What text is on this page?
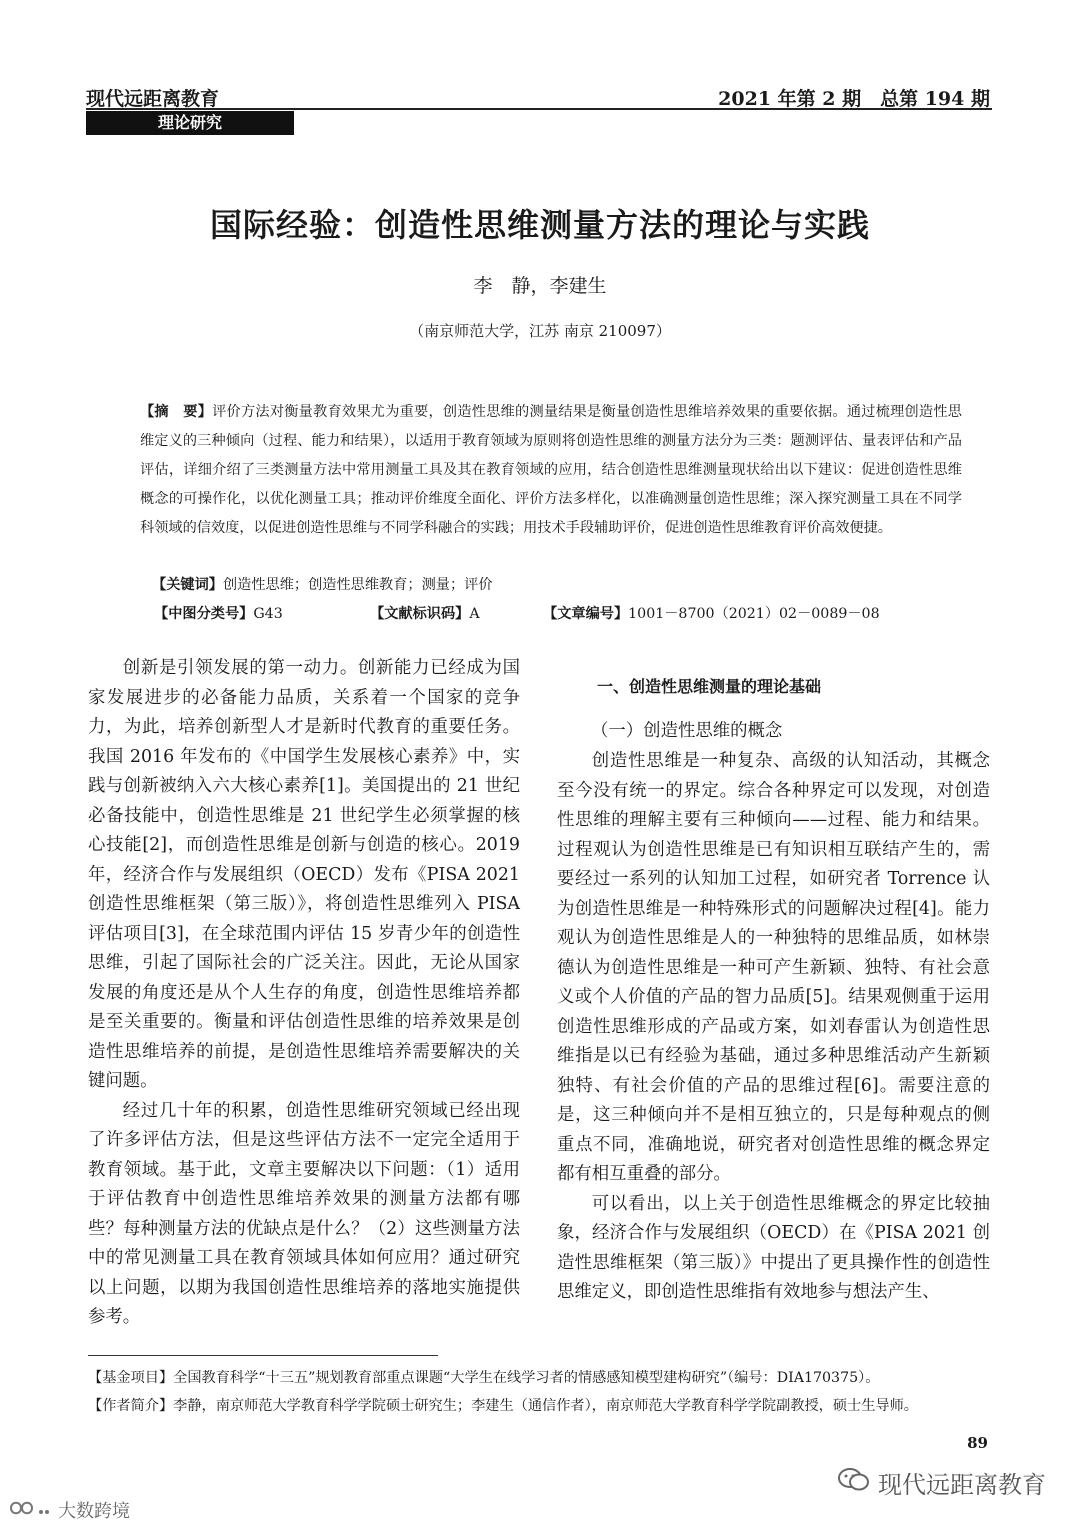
现代远距离教育	2021 年第 2 期　总第 194 期
理论研究
国际经验：创造性思维测量方法的理论与实践
李　静，李建生
（南京师范大学，江苏 南京 210097）
【摘　要】评价方法对衡量教育效果尤为重要，创造性思维的测量结果是衡量创造性思维培养效果的重要依据。通过梳理创造性思维定义的三种倾向（过程、能力和结果），以适用于教育领域为原则将创造性思维的测量方法分为三类：题测评估、量表评估和产品评估，详细介绍了三类测量方法中常用测量工具及其在教育领域的应用，结合创造性思维测量现状给出以下建议：促进创造性思维概念的可操作化，以优化测量工具；推动评价维度全面化、评价方法多样化，以准确测量创造性思维；深入探究测量工具在不同学科领域的信效度，以促进创造性思维与不同学科融合的实践；用技术手段辅助评价，促进创造性思维教育评价高效便捷。
【关键词】创造性思维；创造性思维教育；测量；评价
【中图分类号】G43	【文献标识码】A	【文章编号】1001－8700（2021）02－0089－08

创新是引领发展的第一动力。创新能力已经成为国家发展进步的必备能力品质，关系着一个国家的竞争力，为此，培养创新型人才是新时代教育的重要任务。我国 2016 年发布的《中国学生发展核心素养》中，实践与创新被纳入六大核心素养[1]。美国提出的 21 世纪必备技能中，创造性思维是 21 世纪学生必须掌握的核心技能[2]，而创造性思维是创新与创造的核心。2019 年，经济合作与发展组织（OECD）发布《PISA 2021 创造性思维框架（第三版）》，将创造性思维列入 PISA 评估项目[3]，在全球范围内评估 15 岁青少年的创造性思维，引起了国际社会的广泛关注。因此，无论从国家发展的角度还是从个人生存的角度，创造性思维培养都是至关重要的。衡量和评估创造性思维的培养效果是创造性思维培养的前提，是创造性思维培养需要解决的关键问题。

经过几十年的积累，创造性思维研究领域已经出现了许多评估方法，但是这些评估方法不一定完全适用于教育领域。基于此，文章主要解决以下问题：（1）适用于评估教育中创造性思维培养效果的测量方法都有哪些？每种测量方法的优缺点是什么？（2）这些测量方法中的常见测量工具在教育领域具体如何应用？通过研究以上问题，以期为我国创造性思维培养的落地实施提供参考。

一、创造性思维测量的理论基础
（一）创造性思维的概念

创造性思维是一种复杂、高级的认知活动，其概念至今没有统一的界定。综合各种界定可以发现，对创造性思维的理解主要有三种倾向——过程、能力和结果。过程观认为创造性思维是已有知识相互联结产生的，需要经过一系列的认知加工过程，如研究者 Torrence 认为创造性思维是一种特殊形式的问题解决过程[4]。能力观认为创造性思维是人的一种独特的思维品质，如林崇德认为创造性思维是一种可产生新颖、独特、有社会意义或个人价值的产品的智力品质[5]。结果观侧重于运用创造性思维形成的产品或方案，如刘春雷认为创造性思维指是以已有经验为基础，通过多种思维活动产生新颖独特、有社会价值的产品的思维过程[6]。需要注意的是，这三种倾向并不是相互独立的，只是每种观点的侧重点不同，准确地说，研究者对创造性思维的概念界定都有相互重叠的部分。

可以看出，以上关于创造性思维概念的界定比较抽象，经济合作与发展组织（OECD）在《PISA 2021 创造性思维框架（第三版）》中提出了更具操作性的创造性思维定义，即创造性思维指有效地参与想法产生、

【基金项目】全国教育科学“十三五”规划教育部重点课题“大学生在线学习者的情感感知模型建构研究”（编号：DIA170375）。
【作者简介】李静，南京师范大学教育科学学院硕士研究生；李建生（通信作者），南京师范大学教育科学学院副教授，硕士生导师。
89
现代远距离教育
大数跨境
